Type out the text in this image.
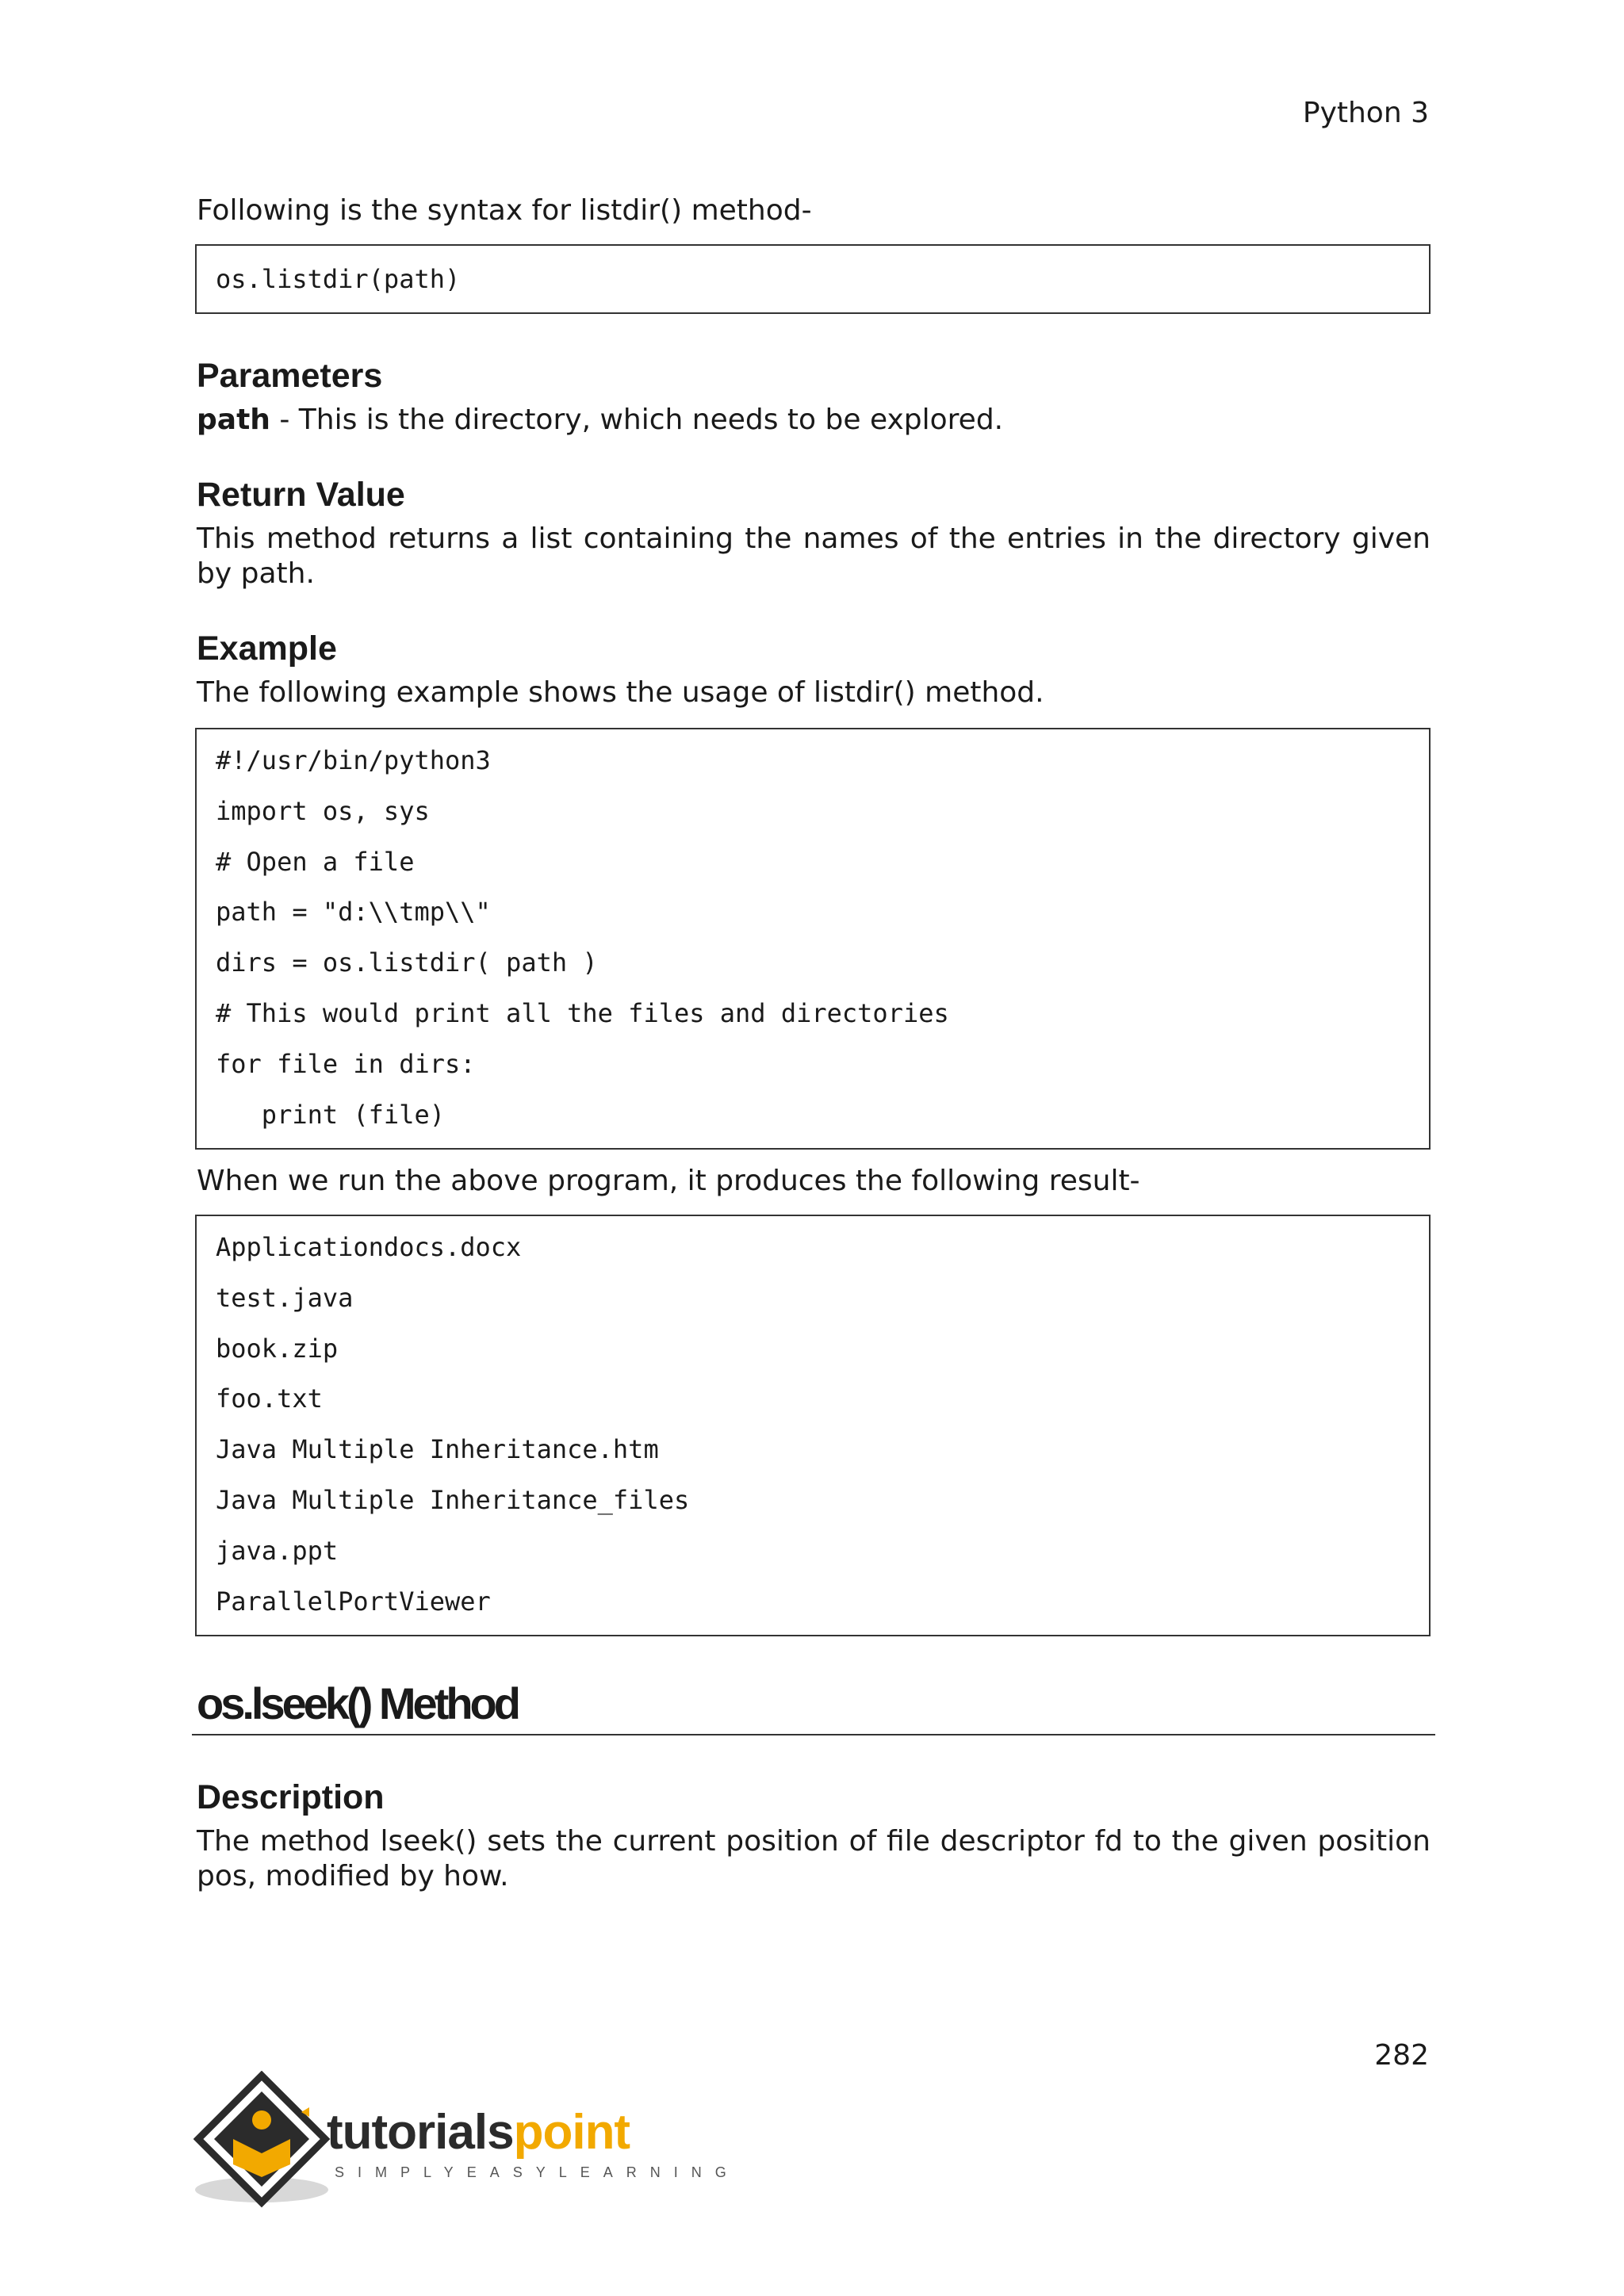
Python 3

Following is the syntax for listdir() method-

os.listdir(path)
Parameters

path - This is the directory, which needs to be explored.

Return Value

This method returns a list containing the names of the entries in the directory given by path.

Example

The following example shows the usage of listdir() method.

#!/usr/bin/python3
import os, sys
# Open a file
path = "d:\\tmp\\"
dirs = os.listdir( path )
# This would print all the files and directories
for file in dirs:
print (file)

When we run the above program, it produces the following result-

Applicationdocs.docx
test.java
book.zip
foo.txt
Java Multiple Inheritance.htm
Java Multiple Inheritance_files
java.ppt
ParallelPortViewer
os.lseek() Method
Description

The method lseek() sets the current position of file descriptor fd to the given position pos, modified by how.

282
tutorialspoint
SIMPLYEASYLEARNING
